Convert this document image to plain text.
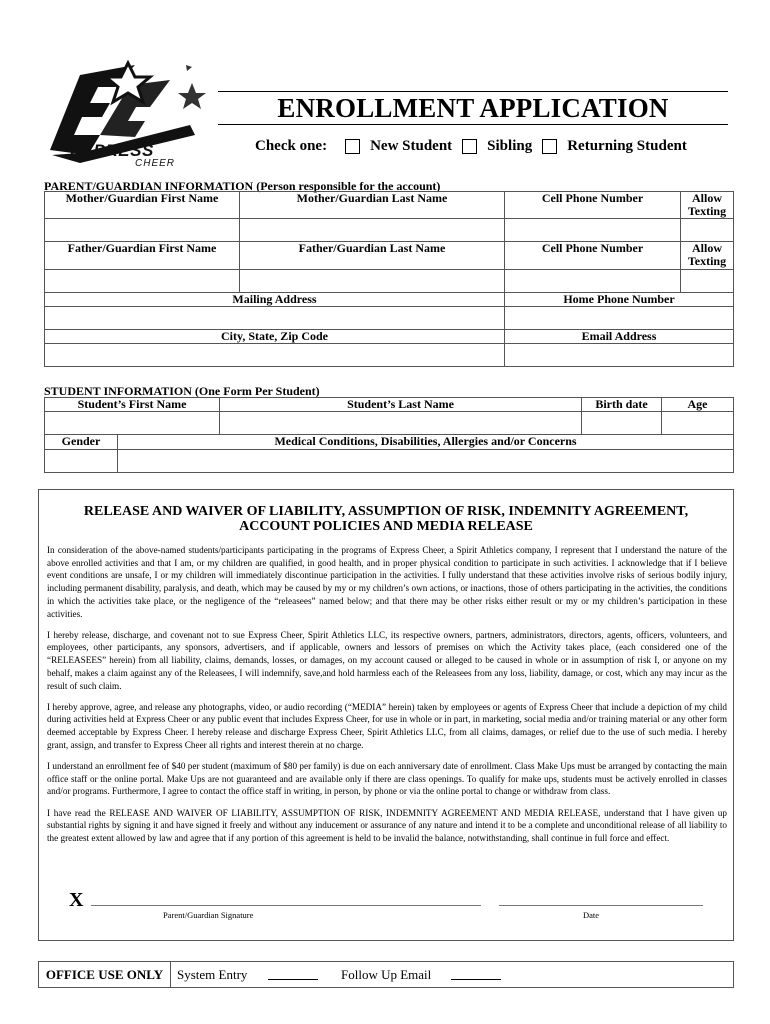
EXPRESS
CHEER
ENROLLMENT APPLICATION
Check one:	New Student Sibling Returning Student
PARENT/GUARDIAN INFORMATION (Person responsible for the account)
Mother/Guardian First Name	Mother/Guardian Last Name	Cell Phone Number	Allow Texting

Father/Guardian First Name	Father/Guardian Last Name	Cell Phone Number	Allow Texting

Mailing Address		Home Phone Number	

City, State, Zip Code		Email Address	

STUDENT INFORMATION (One Form Per Student)
Student’s First Name		Student’s Last Name	Birth date	Age

Gender	Medical Conditions, Disabilities, Allergies and/or Concerns			

RELEASE AND WAIVER OF LIABILITY, ASSUMPTION OF RISK, INDEMNITY AGREEMENT,
ACCOUNT POLICIES AND MEDIA RELEASE

In consideration of the above-named students/participants participating in the programs of Express Cheer, a Spirit Athletics company, I represent that I understand the nature of the above enrolled activities and that I am, or my children are qualified, in good health, and in proper physical condition to participate in such activities. I acknowledge that if I believe event conditions are unsafe, I or my children will immediately discontinue participation in the activities. I fully understand that these activities involve risks of serious bodily injury, including permanent disability, paralysis, and death, which may be caused by my or my children’s own actions, or inactions, those of others participating in the activities, the conditions in which the activities take place, or the negligence of the “releasees” named below; and that there may be other risks either result or my or my children’s participation in these activities.

I hereby release, discharge, and covenant not to sue Express Cheer, Spirit Athletics LLC, its respective owners, partners, administrators, directors, agents, officers, volunteers, and employees, other participants, any sponsors, advertisers, and if applicable, owners and lessors of premises on which the Activity takes place, (each considered one of the “RELEASEES” herein) from all liability, claims, demands, losses, or damages, on my account caused or alleged to be caused in whole or in assumption of risk I, or anyone on my behalf, makes a claim against any of the Releasees, I will indemnify, save,and hold harmless each of the Releasees from any loss, liability, damage, or cost, which any may incur as the result of such claim.

I hereby approve, agree, and release any photographs, video, or audio recording (“MEDIA” herein) taken by employees or agents of Express Cheer that include a depiction of my child during activities held at Express Cheer or any public event that includes Express Cheer, for use in whole or in part, in marketing, social media and/or training material or any other form deemed acceptable by Express Cheer. I hereby release and discharge Express Cheer, Spirit Athletics LLC, from all claims, damages, or relief due to the use of such media. I hereby grant, assign, and transfer to Express Cheer all rights and interest therein at no charge.

I understand an enrollment fee of $40 per student (maximum of $80 per family) is due on each anniversary date of enrollment. Class Make Ups must be arranged by contacting the main office staff or the online portal. Make Ups are not guaranteed and are available only if there are class openings. To qualify for make ups, students must be actively enrolled in classes and/or programs. Furthermore, I agree to contact the office staff in writing, in person, by phone or via the online portal to change or withdraw from class.

I have read the RELEASE AND WAIVER OF LIABILITY, ASSUMPTION OF RISK, INDEMNITY AGREEMENT AND MEDIA RELEASE, understand that I have given up substantial rights by signing it and have signed it freely and without any inducement or assurance of any nature and intend it to be a complete and unconditional release of all liability to the greatest extent allowed by law and agree that if any portion of this agreement is held to be invalid the balance, notwithstanding, shall continue in full force and effect.

X
Parent/Guardian Signature	Date
OFFICE USE ONLY	System Entry	Follow Up Email
